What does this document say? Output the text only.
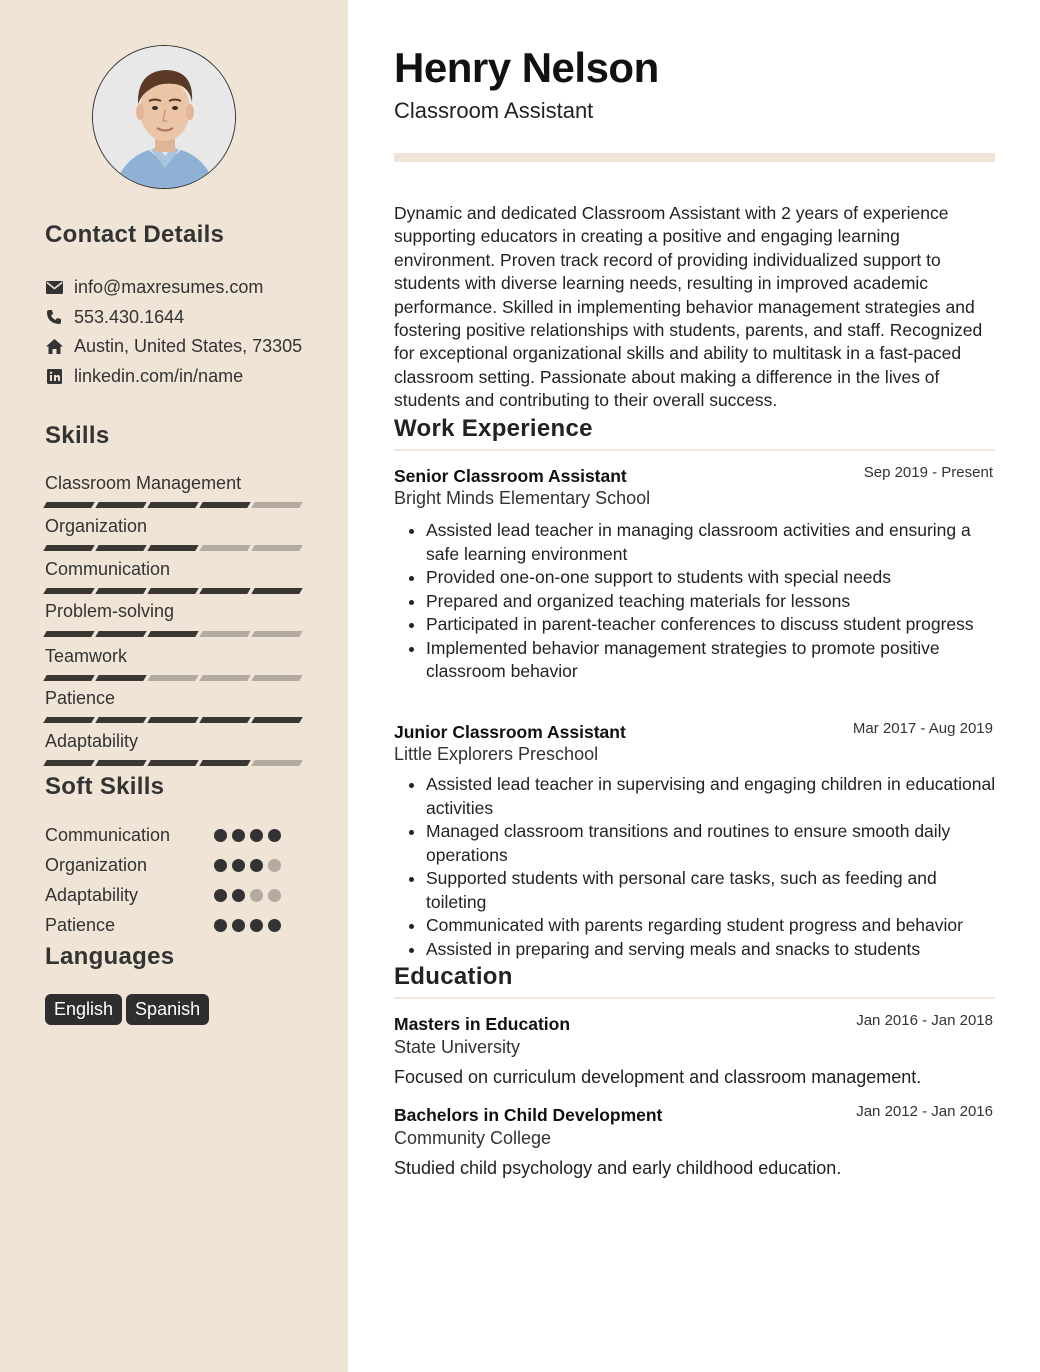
Contact Details
info@maxresumes.com
553.430.1644
Austin, United States, 73305
linkedin.com/in/name
Skills
Classroom Management
Organization
Communication
Problem-solving
Teamwork
Patience
Adaptability
Soft Skills
Communication
Organization
Adaptability
Patience
Languages
English	Spanish
Henry Nelson
Classroom Assistant
Dynamic and dedicated Classroom Assistant with 2 years of experience supporting educators in creating a positive and engaging learning environment. Proven track record of providing individualized support to students with diverse learning needs, resulting in improved academic performance. Skilled in implementing behavior management strategies and fostering positive relationships with students, parents, and staff. Recognized for exceptional organizational skills and ability to multitask in a fast-paced classroom setting. Passionate about making a difference in the lives of students and contributing to their overall success.
Work Experience
Senior Classroom Assistant	Sep 2019 - Present
Bright Minds Elementary School
• Assisted lead teacher in managing classroom activities and ensuring a safe learning environment
• Provided one-on-one support to students with special needs
• Prepared and organized teaching materials for lessons
• Participated in parent-teacher conferences to discuss student progress
• Implemented behavior management strategies to promote positive classroom behavior
Junior Classroom Assistant	Mar 2017 - Aug 2019
Little Explorers Preschool
• Assisted lead teacher in supervising and engaging children in educational activities
• Managed classroom transitions and routines to ensure smooth daily operations
• Supported students with personal care tasks, such as feeding and toileting
• Communicated with parents regarding student progress and behavior
• Assisted in preparing and serving meals and snacks to students
Education
Masters in Education	Jan 2016 - Jan 2018
State University
Focused on curriculum development and classroom management.
Bachelors in Child Development	Jan 2012 - Jan 2016
Community College
Studied child psychology and early childhood education.
